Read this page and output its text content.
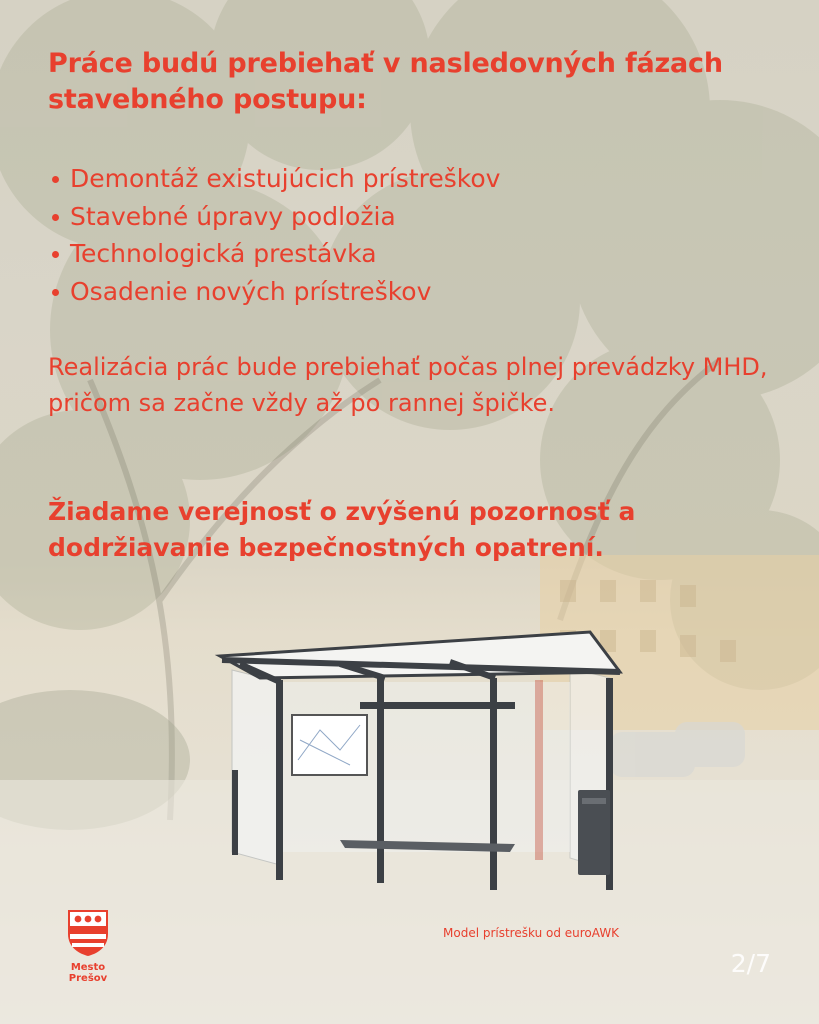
Práce budú prebiehať v nasledovných fázach stavebného postupu:
Demontáž existujúcich prístreškov
Stavebné úpravy podložia
Technologická prestávka
Osadenie nových prístreškov
Realizácia prác bude prebiehať počas plnej prevádzky MHD, pričom sa začne vždy až po rannej špičke.
Žiadame verejnosť o zvýšenú pozornosť a dodržiavanie bezpečnostných opatrení.
Model prístrešku od euroAWK
2/7
Mesto Prešov
